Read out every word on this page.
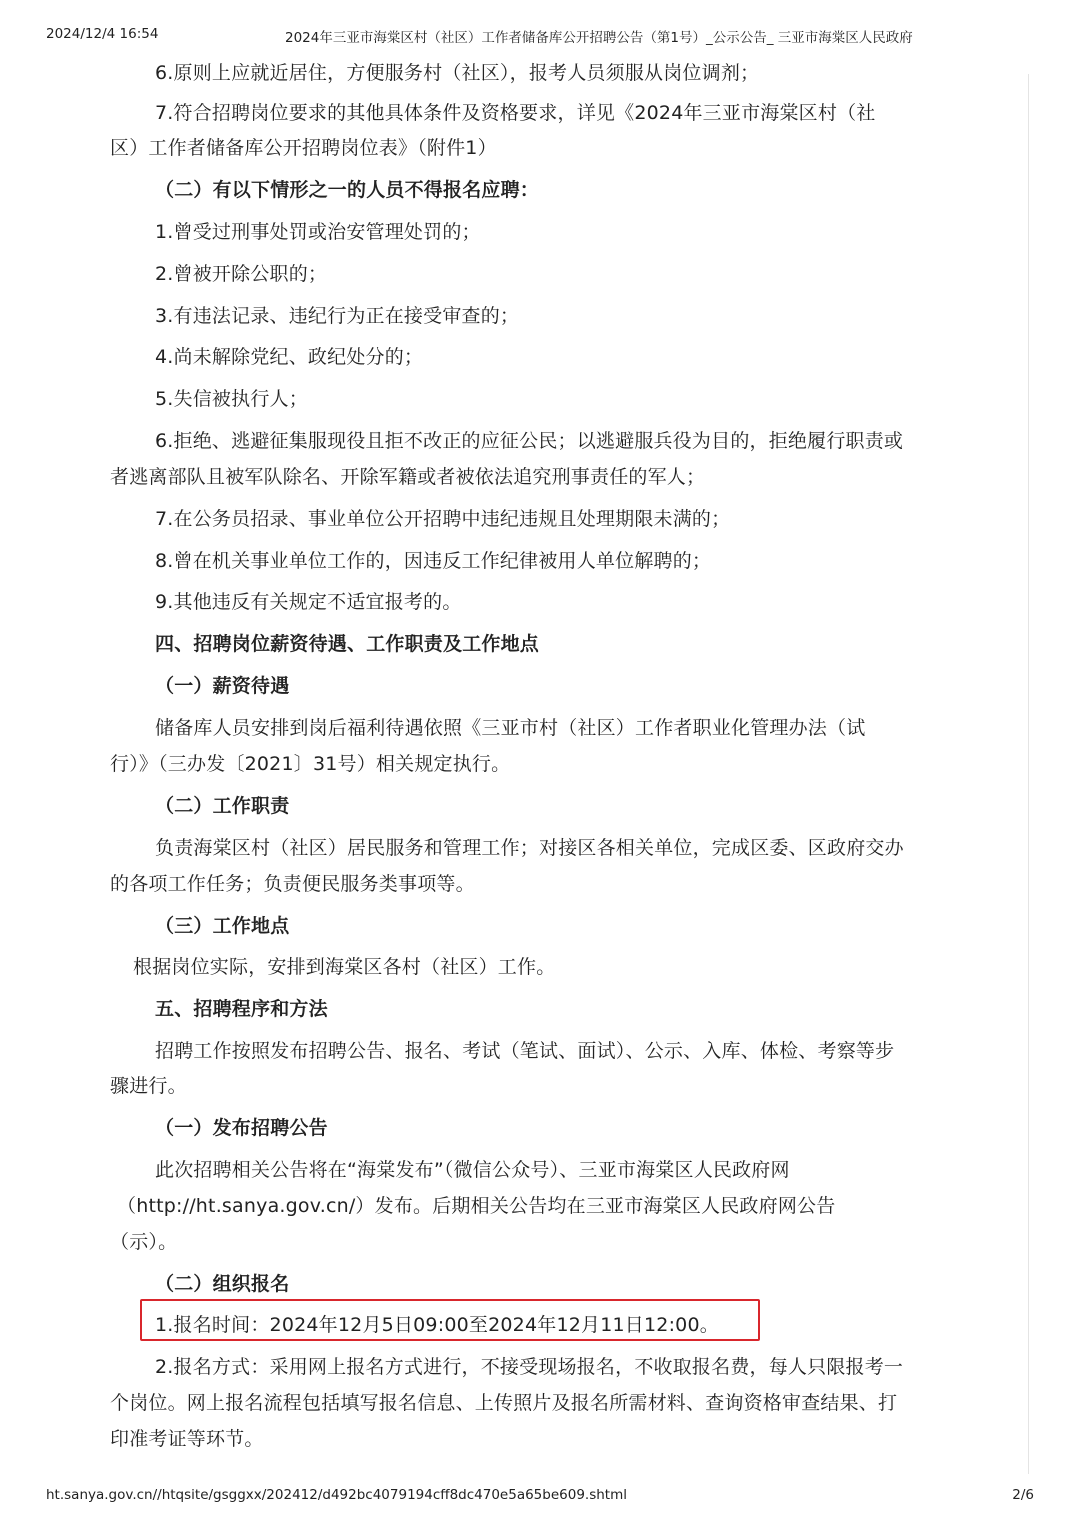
2024/12/4 16:54	2024年三亚市海棠区村（社区）工作者储备库公开招聘公告（第1号）_公示公告_ 三亚市海棠区人民政府
6.原则上应就近居住，方便服务村（社区），报考人员须服从岗位调剂；
7.符合招聘岗位要求的其他具体条件及资格要求，详见《2024年三亚市海棠区村（社
区）工作者储备库公开招聘岗位表》（附件1）
（二）有以下情形之一的人员不得报名应聘：
1.曾受过刑事处罚或治安管理处罚的；
2.曾被开除公职的；
3.有违法记录、违纪行为正在接受审查的；
4.尚未解除党纪、政纪处分的；
5.失信被执行人；
6.拒绝、逃避征集服现役且拒不改正的应征公民；以逃避服兵役为目的，拒绝履行职责或
者逃离部队且被军队除名、开除军籍或者被依法追究刑事责任的军人；
7.在公务员招录、事业单位公开招聘中违纪违规且处理期限未满的；
8.曾在机关事业单位工作的，因违反工作纪律被用人单位解聘的；
9.其他违反有关规定不适宜报考的。
四、招聘岗位薪资待遇、工作职责及工作地点
（一）薪资待遇
储备库人员安排到岗后福利待遇依照《三亚市村（社区）工作者职业化管理办法（试
行）》（三办发〔2021〕31号）相关规定执行。
（二）工作职责
负责海棠区村（社区）居民服务和管理工作；对接区各相关单位，完成区委、区政府交办
的各项工作任务；负责便民服务类事项等。
（三）工作地点
根据岗位实际，安排到海棠区各村（社区）工作。
五、招聘程序和方法
招聘工作按照发布招聘公告、报名、考试（笔试、面试）、公示、入库、体检、考察等步
骤进行。
（一）发布招聘公告
此次招聘相关公告将在“海棠发布”（微信公众号）、三亚市海棠区人民政府网
（http://ht.sanya.gov.cn/）发布。后期相关公告均在三亚市海棠区人民政府网公告
（示）。
（二）组织报名
1.报名时间：2024年12月5日09:00至2024年12月11日12:00。
2.报名方式：采用网上报名方式进行，不接受现场报名，不收取报名费，每人只限报考一
个岗位。网上报名流程包括填写报名信息、上传照片及报名所需材料、查询资格审查结果、打
印准考证等环节。
ht.sanya.gov.cn//htqsite/gsggxx/202412/d492bc4079194cff8dc470e5a65be609.shtml	2/6
